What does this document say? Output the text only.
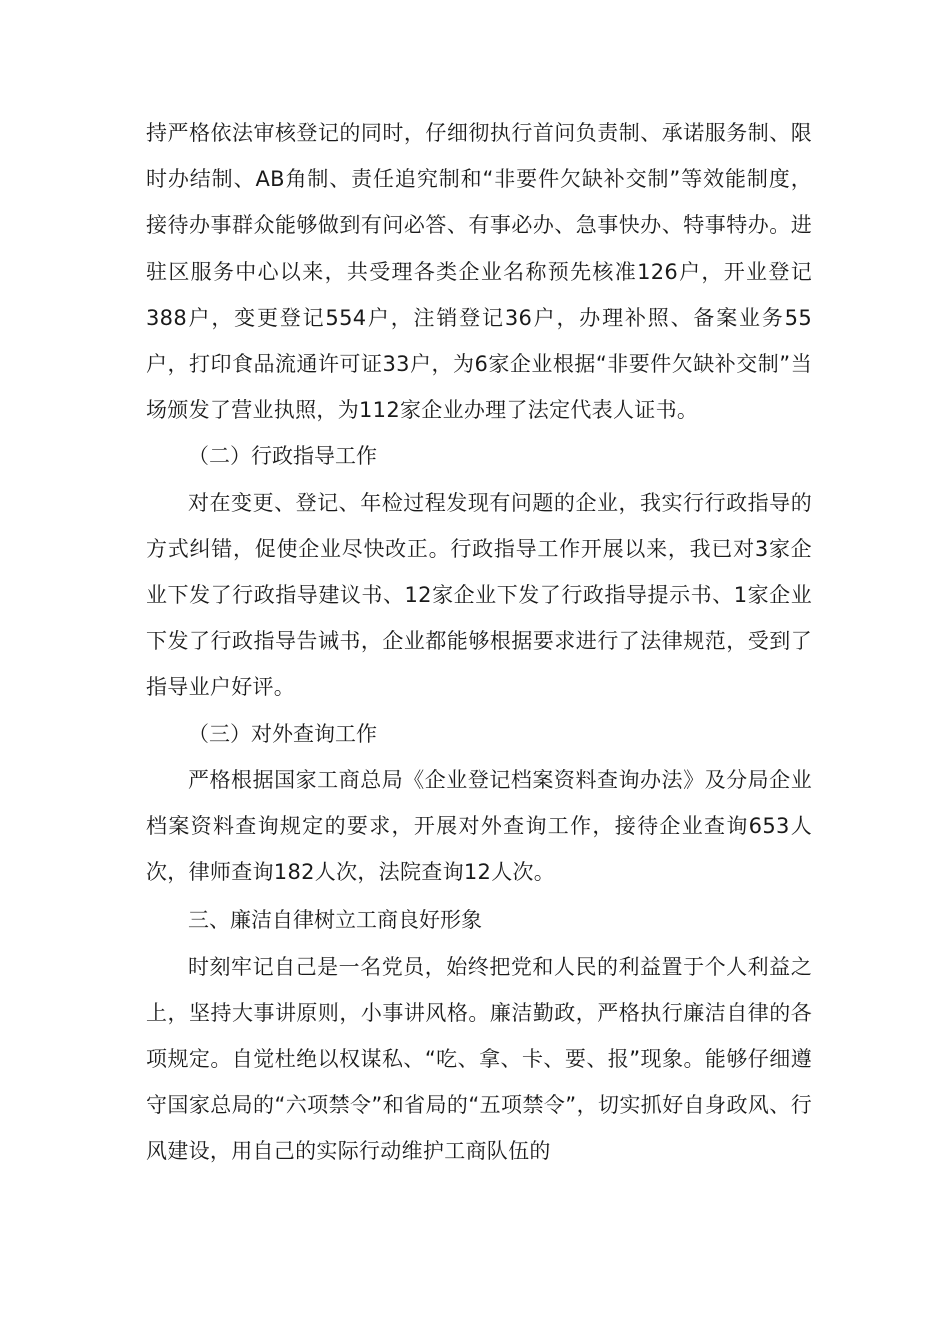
持严格依法审核登记的同时，仔细彻执行首问负责制、承诺服务制、限时办结制、AB角制、责任追究制和“非要件欠缺补交制”等效能制度，接待办事群众能够做到有问必答、有事必办、急事快办、特事特办。进驻区服务中心以来，共受理各类企业名称预先核准126户，开业登记388户，变更登记554户，注销登记36户，办理补照、备案业务55户，打印食品流通许可证33户，为6家企业根据“非要件欠缺补交制”当场颁发了营业执照，为112家企业办理了法定代表人证书。

（二）行政指导工作

对在变更、登记、年检过程发现有问题的企业，我实行行政指导的方式纠错，促使企业尽快改正。行政指导工作开展以来，我已对3家企业下发了行政指导建议书、12家企业下发了行政指导提示书、1家企业下发了行政指导告诫书，企业都能够根据要求进行了法律规范，受到了指导业户好评。

（三）对外查询工作

严格根据国家工商总局《企业登记档案资料查询办法》及分局企业档案资料查询规定的要求，开展对外查询工作，接待企业查询653人次，律师查询182人次，法院查询12人次。

三、廉洁自律树立工商良好形象

时刻牢记自己是一名党员，始终把党和人民的利益置于个人利益之上，坚持大事讲原则，小事讲风格。廉洁勤政，严格执行廉洁自律的各项规定。自觉杜绝以权谋私、“吃、拿、卡、要、报”现象。能够仔细遵守国家总局的“六项禁令”和省局的“五项禁令”，切实抓好自身政风、行风建设，用自己的实际行动维护工商队伍的
